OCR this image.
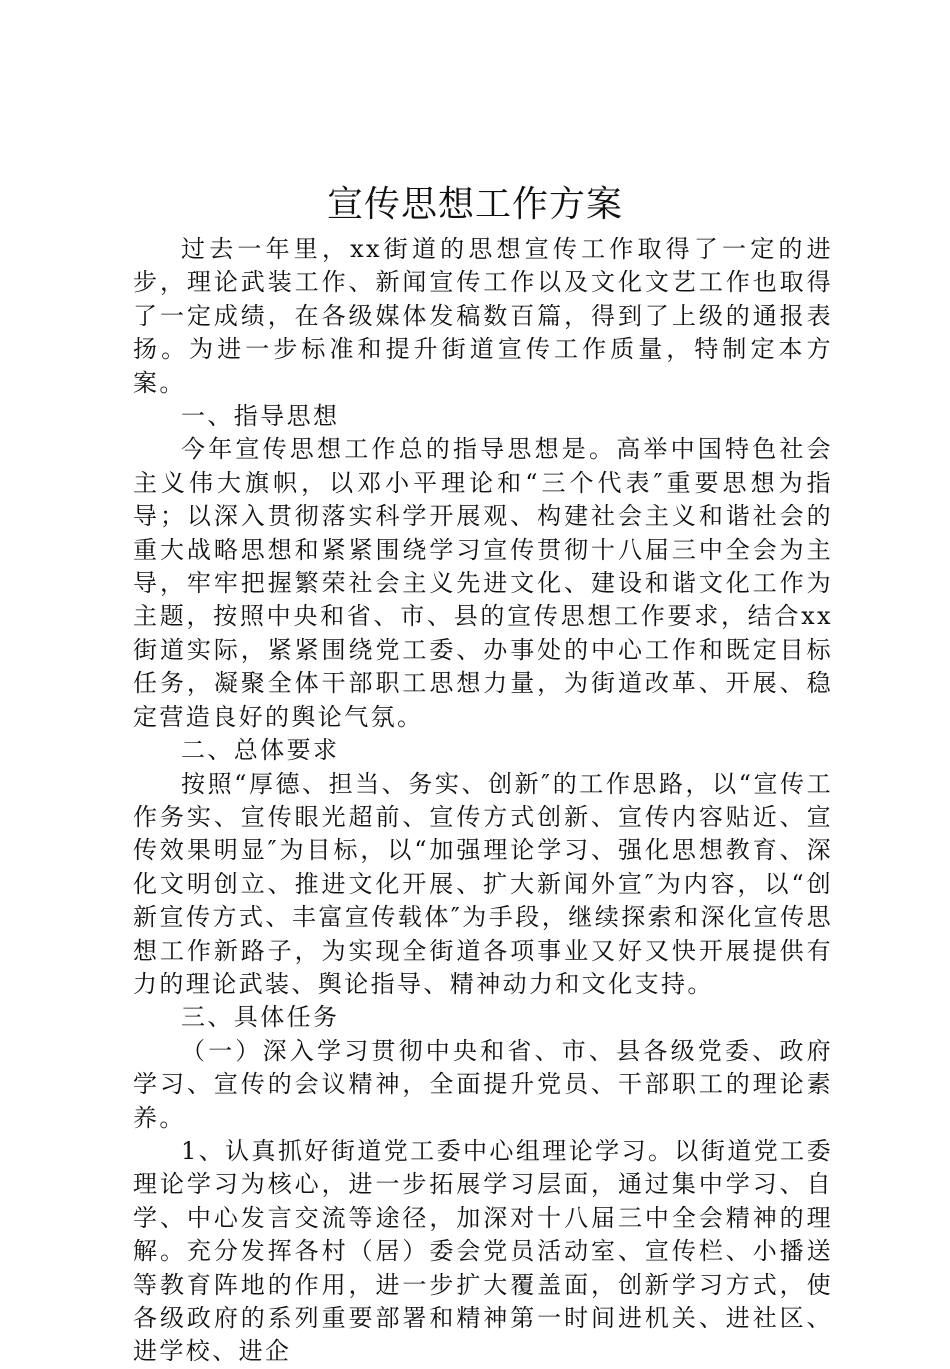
宣传思想工作方案

过去一年里，xx街道的思想宣传工作取得了一定的进步，理论武装工作、新闻宣传工作以及文化文艺工作也取得了一定成绩，在各级媒体发稿数百篇，得到了上级的通报表扬。为进一步标准和提升街道宣传工作质量，特制定本方案。

一、指导思想

今年宣传思想工作总的指导思想是。高举中国特色社会主义伟大旗帜，以邓小平理论和“三个代表″重要思想为指导；以深入贯彻落实科学开展观、构建社会主义和谐社会的重大战略思想和紧紧围绕学习宣传贯彻十八届三中全会为主导，牢牢把握繁荣社会主义先进文化、建设和谐文化工作为主题，按照中央和省、市、县的宣传思想工作要求，结合xx街道实际，紧紧围绕党工委、办事处的中心工作和既定目标任务，凝聚全体干部职工思想力量，为街道改革、开展、稳定营造良好的舆论气氛。

二、总体要求

按照“厚德、担当、务实、创新″的工作思路，以“宣传工作务实、宣传眼光超前、宣传方式创新、宣传内容贴近、宣传效果明显″为目标，以“加强理论学习、强化思想教育、深化文明创立、推进文化开展、扩大新闻外宣″为内容，以“创新宣传方式、丰富宣传载体″为手段，继续探索和深化宣传思想工作新路子，为实现全街道各项事业又好又快开展提供有力的理论武装、舆论指导、精神动力和文化支持。

三、具体任务

（一）深入学习贯彻中央和省、市、县各级党委、政府学习、宣传的会议精神，全面提升党员、干部职工的理论素养。

1、认真抓好街道党工委中心组理论学习。以街道党工委理论学习为核心，进一步拓展学习层面，通过集中学习、自学、中心发言交流等途径，加深对十八届三中全会精神的理解。充分发挥各村（居）委会党员活动室、宣传栏、小播送等教育阵地的作用，进一步扩大覆盖面，创新学习方式，使各级政府的系列重要部署和精神第一时间进机关、进社区、进学校、进企
